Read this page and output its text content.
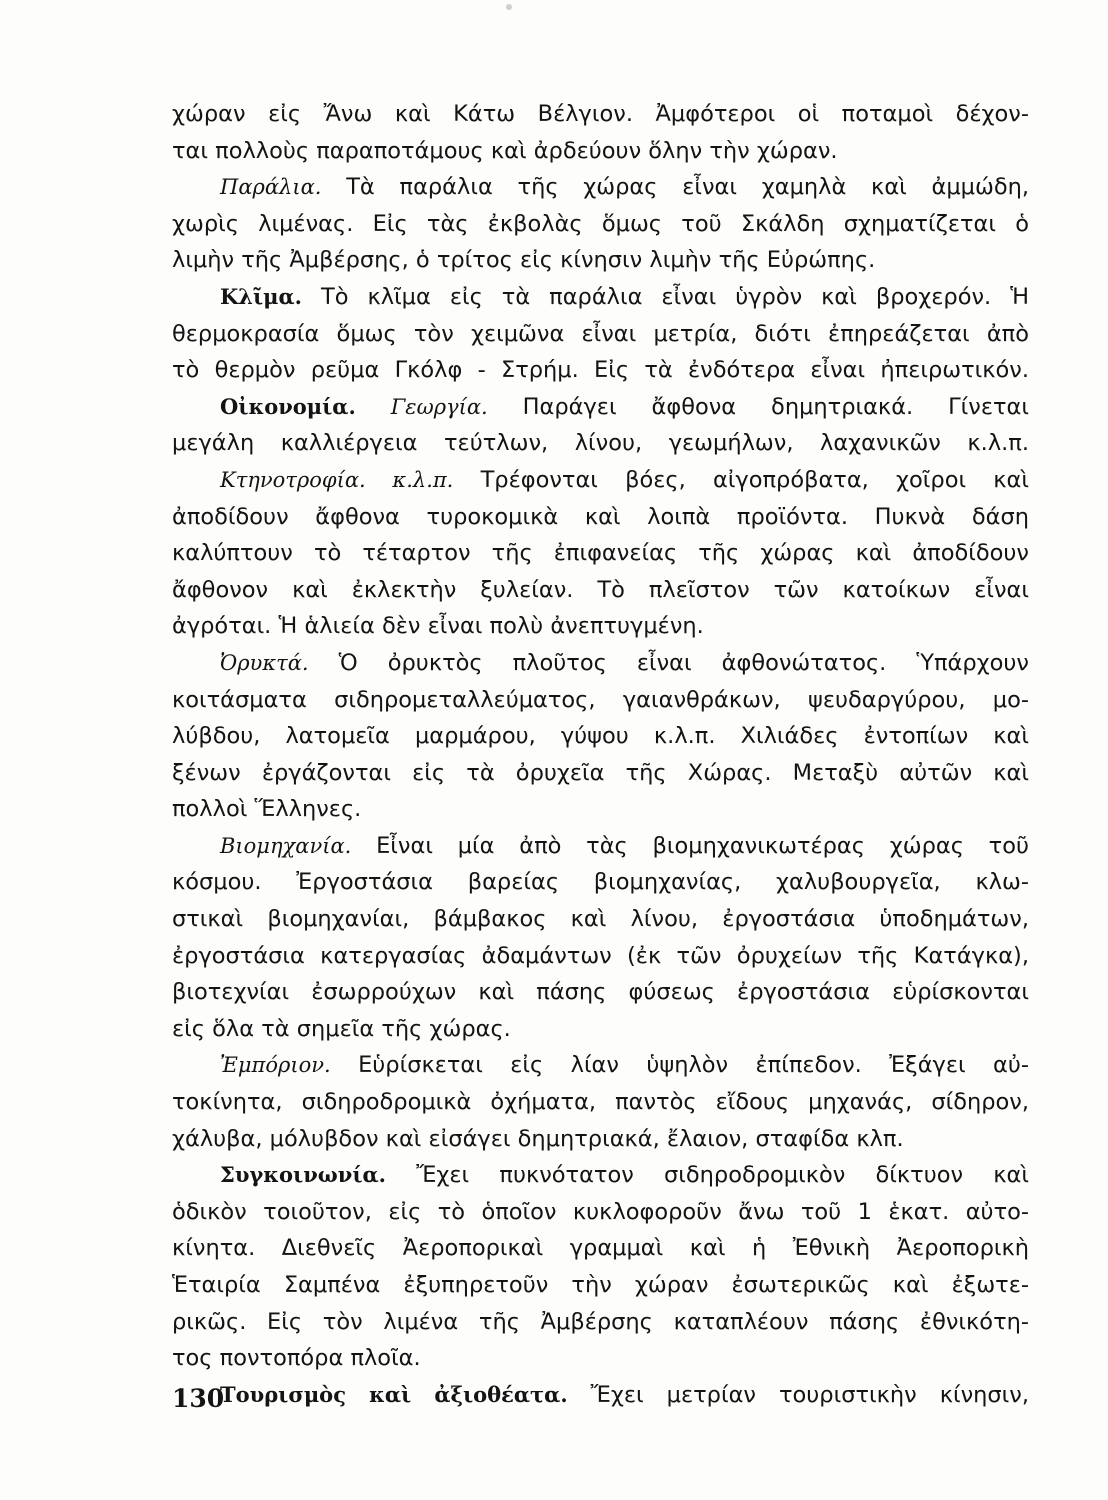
χώραν εἰς Ἄνω καὶ Κάτω Βέλγιον. Ἀμφότεροι οἱ ποταμοὶ δέχον-
ται πολλοὺς παραποτάμους καὶ ἀρδεύουν ὅλην τὴν χώραν.
Παράλια. Τὰ παράλια τῆς χώρας εἶναι χαμηλὰ καὶ ἀμμώδη,
χωρὶς λιμένας. Εἰς τὰς ἐκβολὰς ὅμως τοῦ Σκάλδη σχηματίζεται ὁ
λιμὴν τῆς Ἀμβέρσης, ὁ τρίτος εἰς κίνησιν λιμὴν τῆς Εὐρώπης.
Κλῖμα. Τὸ κλῖμα εἰς τὰ παράλια εἶναι ὑγρὸν καὶ βροχερόν. Ἡ
θερμοκρασία ὅμως τὸν χειμῶνα εἶναι μετρία, διότι ἐπηρεάζεται ἀπὸ
τὸ θερμὸν ρεῦμα Γκόλφ - Στρήμ. Εἰς τὰ ἐνδότερα εἶναι ἠπειρωτικόν.
Οἰκονομία. Γεωργία. Παράγει ἄφθονα δημητριακά. Γίνεται
μεγάλη καλλιέργεια τεύτλων, λίνου, γεωμήλων, λαχανικῶν κ.λ.π.
Κτηνοτροφία. κ.λ.π. Τρέφονται βόες, αἰγοπρόβατα, χοῖροι καὶ
ἀποδίδουν ἄφθονα τυροκομικὰ καὶ λοιπὰ προϊόντα. Πυκνὰ δάση
καλύπτουν τὸ τέταρτον τῆς ἐπιφανείας τῆς χώρας καὶ ἀποδίδουν
ἄφθονον καὶ ἐκλεκτὴν ξυλείαν. Τὸ πλεῖστον τῶν κατοίκων εἶναι
ἀγρόται. Ἡ ἁλιεία δὲν εἶναι πολὺ ἀνεπτυγμένη.
Ὀρυκτά. Ὁ ὀρυκτὸς πλοῦτος εἶναι ἀφθονώτατος. Ὑπάρχουν
κοιτάσματα σιδηρομεταλλεύματος, γαιανθράκων, ψευδαργύρου, μο-
λύβδου, λατομεῖα μαρμάρου, γύψου κ.λ.π. Χιλιάδες ἐντοπίων καὶ
ξένων ἐργάζονται εἰς τὰ ὀρυχεῖα τῆς Χώρας. Μεταξὺ αὐτῶν καὶ
πολλοὶ Ἕλληνες.
Βιομηχανία. Εἶναι μία ἀπὸ τὰς βιομηχανικωτέρας χώρας τοῦ
κόσμου. Ἐργοστάσια βαρείας βιομηχανίας, χαλυβουργεῖα, κλω-
στικαὶ βιομηχανίαι, βάμβακος καὶ λίνου, ἐργοστάσια ὑποδημάτων,
ἐργοστάσια κατεργασίας ἀδαμάντων (ἐκ τῶν ὀρυχείων τῆς Κατάγκα),
βιοτεχνίαι ἐσωρρούχων καὶ πάσης φύσεως ἐργοστάσια εὑρίσκονται
εἰς ὅλα τὰ σημεῖα τῆς χώρας.
Ἐμπόριον. Εὑρίσκεται εἰς λίαν ὑψηλὸν ἐπίπεδον. Ἐξάγει αὐ-
τοκίνητα, σιδηροδρομικὰ ὀχήματα, παντὸς εἴδους μηχανάς, σίδηρον,
χάλυβα, μόλυβδον καὶ εἰσάγει δημητριακά, ἔλαιον, σταφίδα κλπ.
Συγκοινωνία. Ἔχει πυκνότατον σιδηροδρομικὸν δίκτυον καὶ
ὁδικὸν τοιοῦτον, εἰς τὸ ὁποῖον κυκλοφοροῦν ἄνω τοῦ 1 ἑκατ. αὐτο-
κίνητα. Διεθνεῖς Ἀεροπορικαὶ γραμμαὶ καὶ ἡ Ἐθνικὴ Ἀεροπορικὴ
Ἑταιρία Σαμπένα ἐξυπηρετοῦν τὴν χώραν ἐσωτερικῶς καὶ ἐξωτε-
ρικῶς. Εἰς τὸν λιμένα τῆς Ἀμβέρσης καταπλέουν πάσης ἐθνικότη-
τος ποντοπόρα πλοῖα.
Τουρισμὸς καὶ ἀξιοθέατα. Ἔχει μετρίαν τουριστικὴν κίνησιν,
130
